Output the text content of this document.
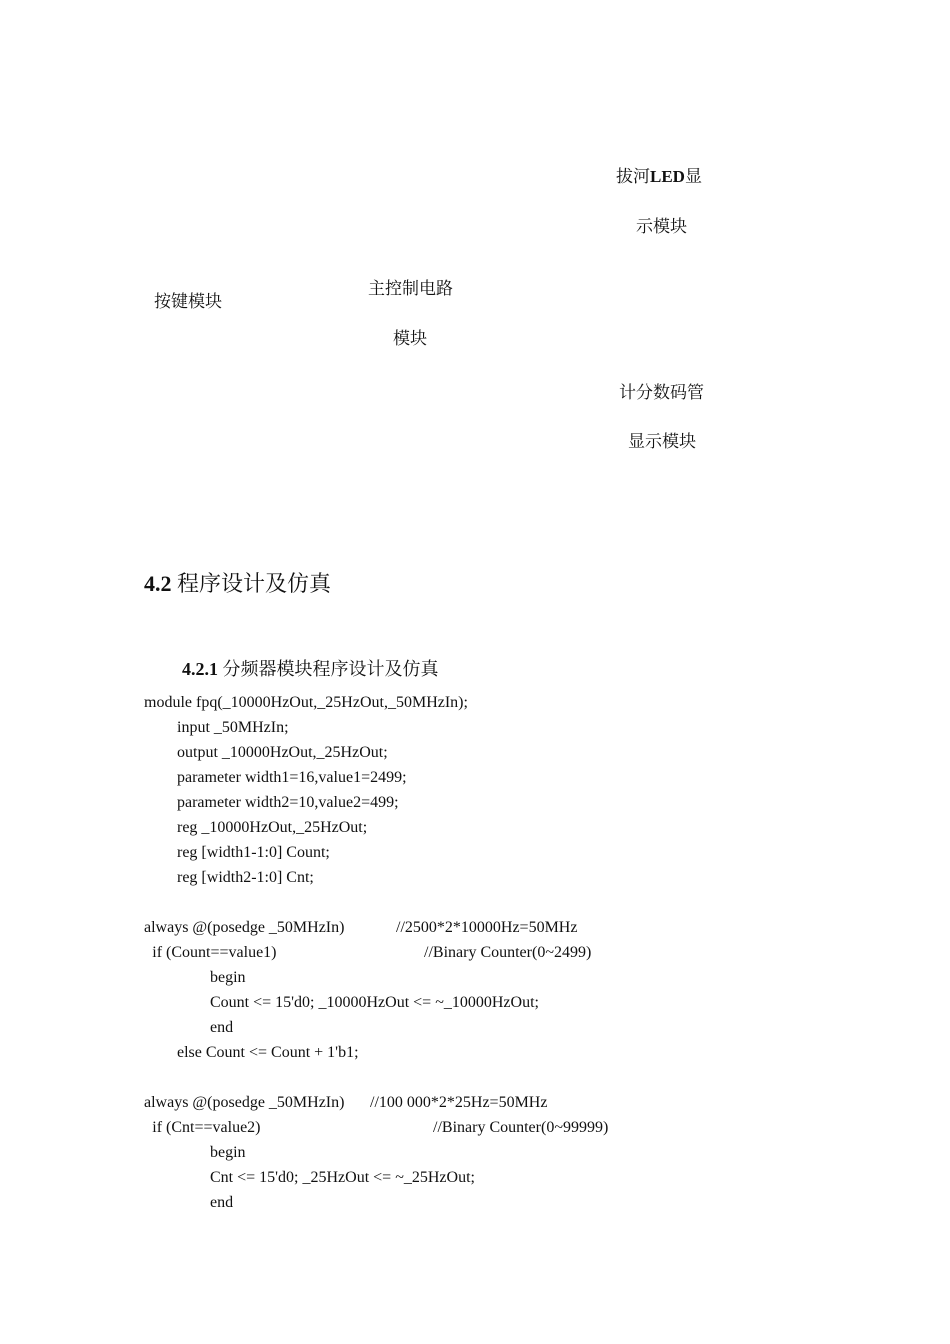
拔河LED显
示模块
按键模块
主控制电路
模块
计分数码管
显示模块
4.2 程序设计及仿真
4.2.1 分频器模块程序设计及仿真
module fpq(_10000HzOut,_25HzOut,_50MHzIn);
input _50MHzIn;
output _10000HzOut,_25HzOut;
parameter width1=16,value1=2499;
parameter width2=10,value2=499;
reg _10000HzOut,_25HzOut;
reg [width1-1:0] Count;
reg [width2-1:0] Cnt;
always @(posedge _50MHzIn)	//2500*2*10000Hz=50MHz
if (Count==value1)	//Binary Counter(0~2499)
begin
Count <= 15'd0; _10000HzOut <= ~_10000HzOut;
end
else Count <= Count + 1'b1;
always @(posedge _50MHzIn) //100 000*2*25Hz=50MHz
if (Cnt==value2)	//Binary Counter(0~99999)
begin
Cnt <= 15'd0; _25HzOut <= ~_25HzOut;
end
